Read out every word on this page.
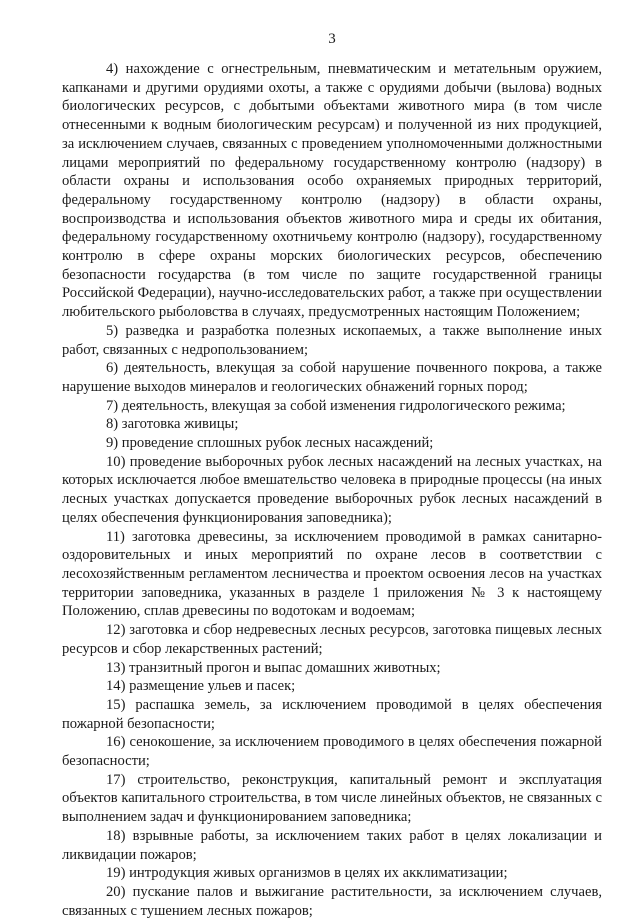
3

4) нахождение с огнестрельным, пневматическим и метательным оружием, капканами и другими орудиями охоты, а также с орудиями добычи (вылова) водных биологических ресурсов, с добытыми объектами животного мира (в том числе отнесенными к водным биологическим ресурсам) и полученной из них продукцией, за исключением случаев, связанных с проведением уполномоченными должностными лицами мероприятий по федеральному государственному контролю (надзору) в области охраны и использования особо охраняемых природных территорий, федеральному государственному контролю (надзору) в области охраны, воспроизводства и использования объектов животного мира и среды их обитания, федеральному государственному охотничьему контролю (надзору), государственному контролю в сфере охраны морских биологических ресурсов, обеспечению безопасности государства (в том числе по защите государственной границы Российской Федерации), научно-исследовательских работ, а также при осуществлении любительского рыболовства в случаях, предусмотренных настоящим Положением;

5) разведка и разработка полезных ископаемых, а также выполнение иных работ, связанных с недропользованием;

6) деятельность, влекущая за собой нарушение почвенного покрова, а также нарушение выходов минералов и геологических обнажений горных пород;

7) деятельность, влекущая за собой изменения гидрологического режима;

8) заготовка живицы;

9) проведение сплошных рубок лесных насаждений;

10) проведение выборочных рубок лесных насаждений на лесных участках, на которых исключается любое вмешательство человека в природные процессы (на иных лесных участках допускается проведение выборочных рубок лесных насаждений в целях обеспечения функционирования заповедника);

11) заготовка древесины, за исключением проводимой в рамках санитарно-оздоровительных и иных мероприятий по охране лесов в соответствии с лесохозяйственным регламентом лесничества и проектом освоения лесов на участках территории заповедника, указанных в разделе 1 приложения № 3 к настоящему Положению, сплав древесины по водотокам и водоемам;

12) заготовка и сбор недревесных лесных ресурсов, заготовка пищевых лесных ресурсов и сбор лекарственных растений;

13) транзитный прогон и выпас домашних животных;

14) размещение ульев и пасек;

15) распашка земель, за исключением проводимой в целях обеспечения пожарной безопасности;

16) сенокошение, за исключением проводимого в целях обеспечения пожарной безопасности;

17) строительство, реконструкция, капитальный ремонт и эксплуатация объектов капитального строительства, в том числе линейных объектов, не связанных с выполнением задач и функционированием заповедника;

18) взрывные работы, за исключением таких работ в целях локализации и ликвидации пожаров;

19) интродукция живых организмов в целях их акклиматизации;

20) пускание палов и выжигание растительности, за исключением случаев, связанных с тушением лесных пожаров;
